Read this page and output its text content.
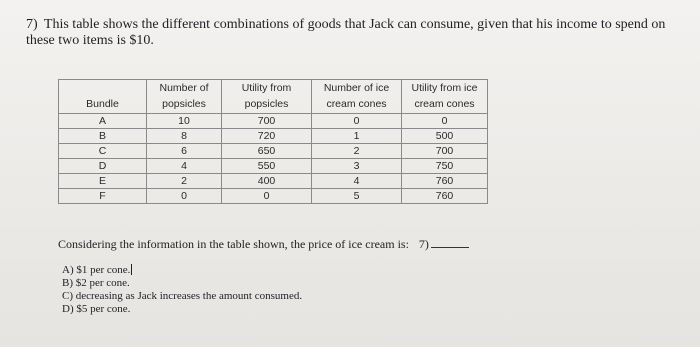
7) This table shows the different combinations of goods that Jack can consume, given that his income to spend on these two items is $10.
Bundle	Number of popsicles	Utility from popsicles	Number of ice cream cones	Utility from ice cream cones
A	10	700	0	0
B	8	720	1	500
C	6	650	2	700
D	4	550	3	750
E	2	400	4	760
F	0	0	5	760
Considering the information in the table shown, the price of ice cream is: 7)
A) $1 per cone.
B) $2 per cone.
C) decreasing as Jack increases the amount consumed.
D) $5 per cone.
